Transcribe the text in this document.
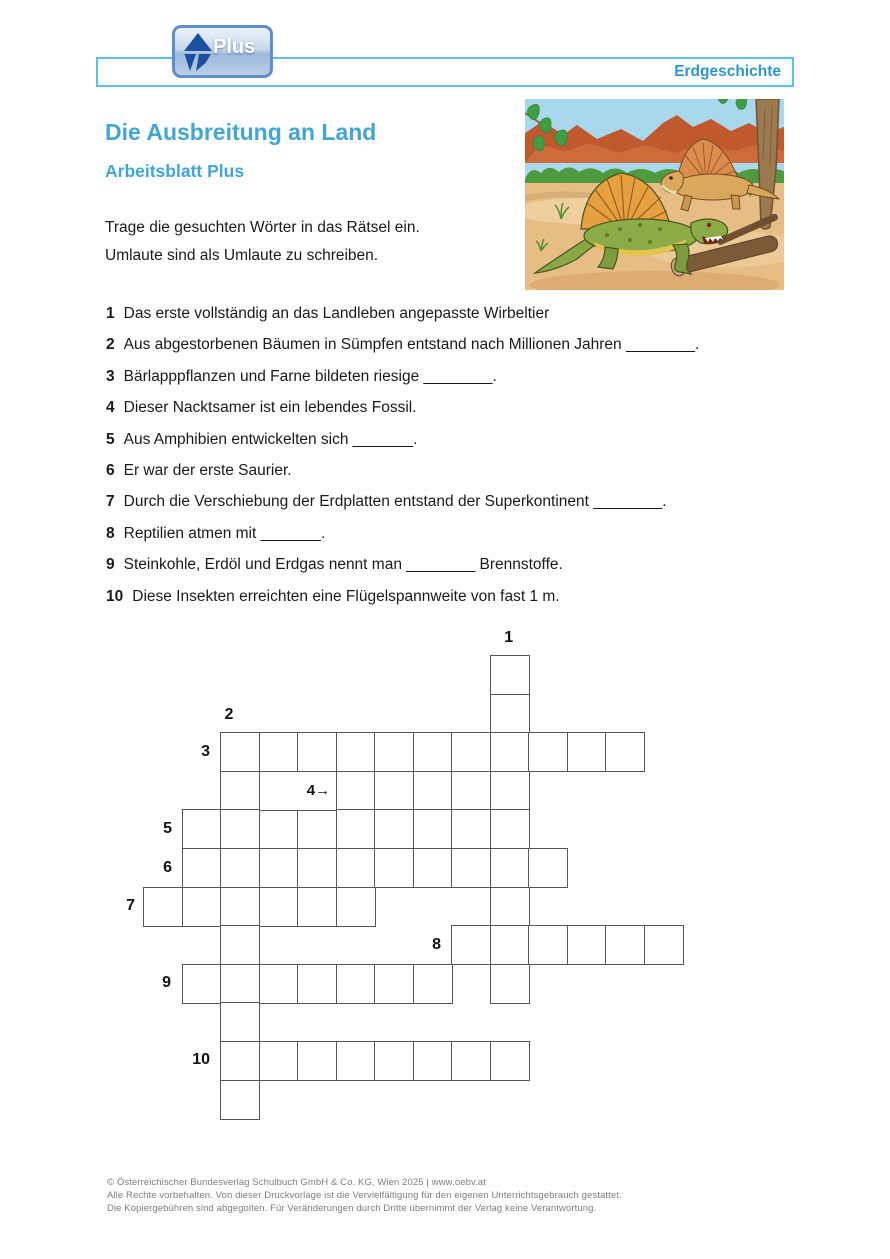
Erdgeschichte
Plus
Die Ausbreitung an Land
Arbeitsblatt Plus
Trage die gesuchten Wörter in das Rätsel ein.
Umlaute sind als Umlaute zu schreiben.
1 Das erste vollständig an das Landleben angepasste Wirbeltier
2 Aus abgestorbenen Bäumen in Sümpfen entstand nach Millionen Jahren ________.
3 Bärlapppflanzen und Farne bildeten riesige ________.
4 Dieser Nacktsamer ist ein lebendes Fossil.
5 Aus Amphibien entwickelten sich _______.
6 Er war der erste Saurier.
7 Durch die Verschiebung der Erdplatten entstand der Superkontinent ________.
8 Reptilien atmen mit _______.
9 Steinkohle, Erdöl und Erdgas nennt man ________ Brennstoffe.
10 Diese Insekten erreichten eine Flügelspannweite von fast 1 m.
4→
1
2
3
5
6
7
8
9
10
© Österreichischer Bundesverlag Schulbuch GmbH & Co. KG, Wien 2025 | www.oebv.at
Alle Rechte vorbehalten. Von dieser Druckvorlage ist die Vervielfältigung für den eigenen Unterrichtsgebrauch gestattet.
Die Kopiergebühren sind abgegolten. Für Veränderungen durch Dritte übernimmt der Verlag keine Verantwortung.
